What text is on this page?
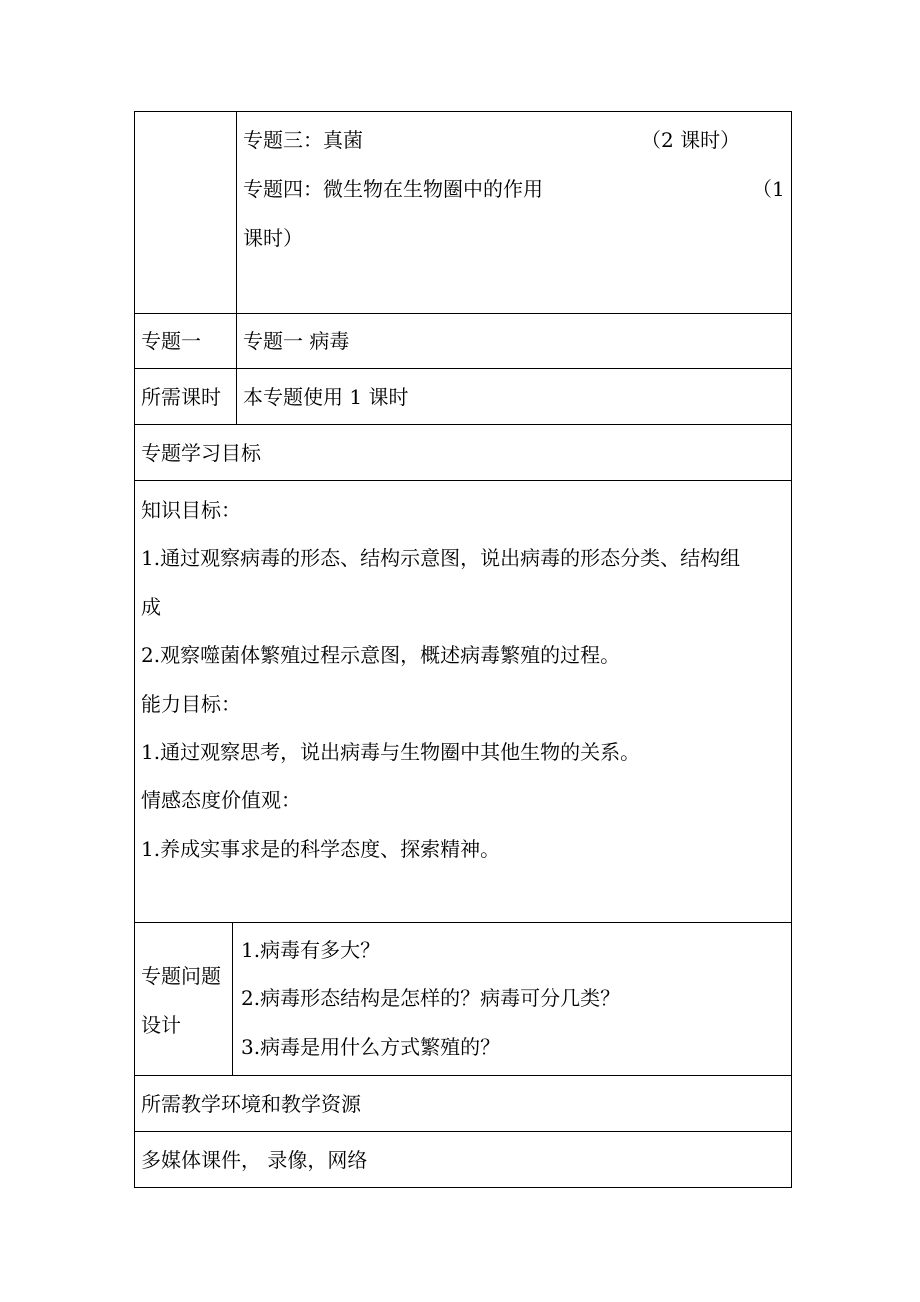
专题三：真菌	（2 课时）
专题四：微生物在生物圈中的作用	（1
课时）
专题一 专题一 病毒
所需课时 本专题使用 1 课时
专题学习目标
知识目标：
1.通过观察病毒的形态、结构示意图，说出病毒的形态分类、结构组
成
2.观察噬菌体繁殖过程示意图，概述病毒繁殖的过程。
能力目标：
1.通过观察思考，说出病毒与生物圈中其他生物的关系。
情感态度价值观：
1.养成实事求是的科学态度、探索精神。
专题问题
设计
1.病毒有多大？
2.病毒形态结构是怎样的？病毒可分几类？
3.病毒是用什么方式繁殖的？
所需教学环境和教学资源
多媒体课件， 录像，网络
